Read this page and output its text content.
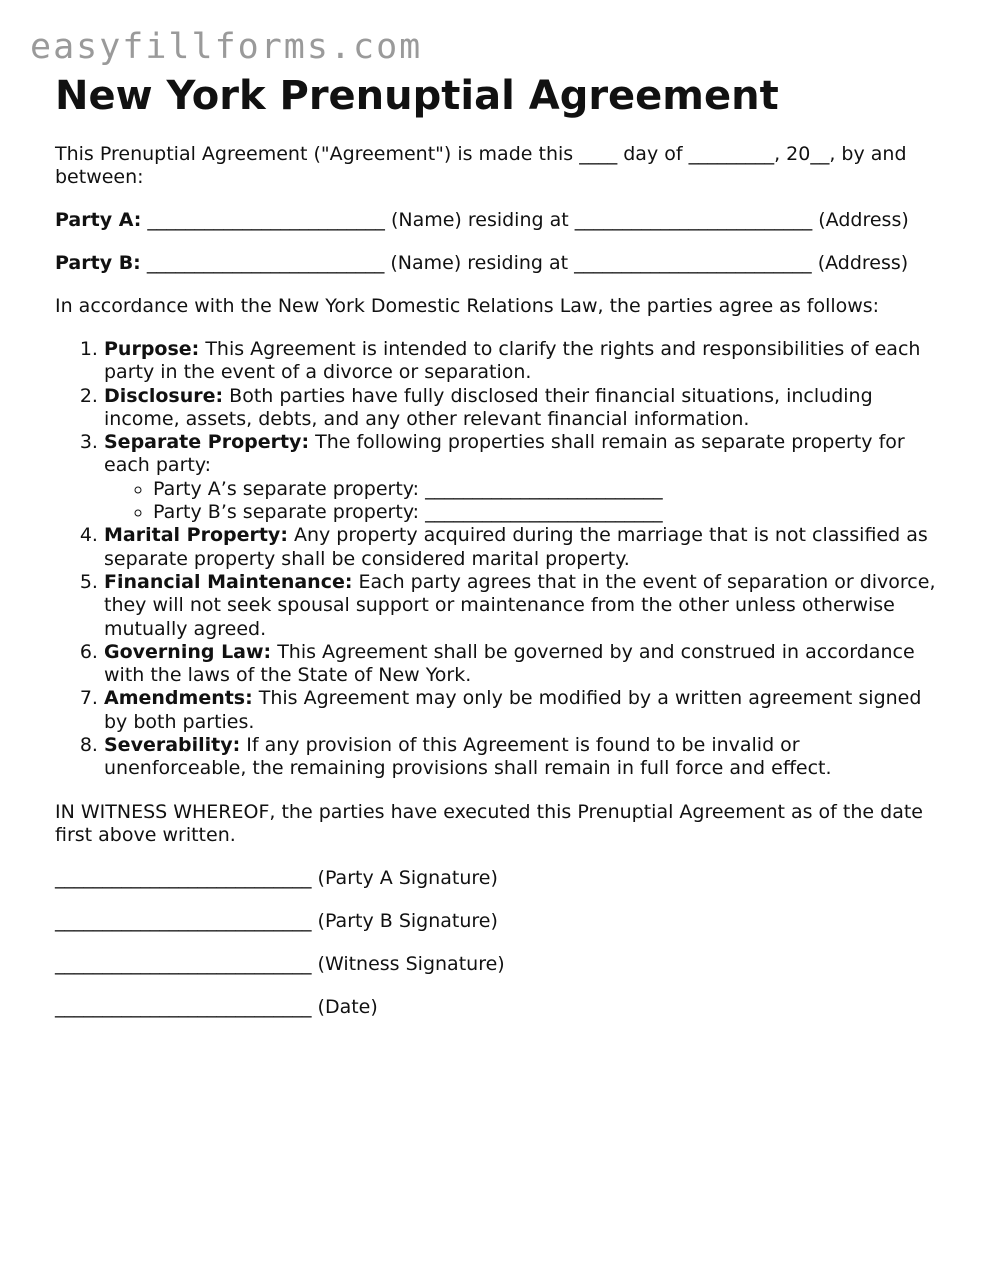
easyfillforms.com
New York Prenuptial Agreement

This Prenuptial Agreement ("Agreement") is made this ____ day of _________, 20__, by and between:

Party A: _________________________ (Name) residing at _________________________ (Address)

Party B: _________________________ (Name) residing at _________________________ (Address)

In accordance with the New York Domestic Relations Law, the parties agree as follows:

1. Purpose: This Agreement is intended to clarify the rights and responsibilities of each party in the event of a divorce or separation.
2. Disclosure: Both parties have fully disclosed their financial situations, including income, assets, debts, and any other relevant financial information.
3. Separate Property: The following properties shall remain as separate property for each party:
◦ Party A’s separate property: _________________________
◦ Party B’s separate property: _________________________
4. Marital Property: Any property acquired during the marriage that is not classified as separate property shall be considered marital property.
5. Financial Maintenance: Each party agrees that in the event of separation or divorce, they will not seek spousal support or maintenance from the other unless otherwise mutually agreed.
6. Governing Law: This Agreement shall be governed by and construed in accordance with the laws of the State of New York.
7. Amendments: This Agreement may only be modified by a written agreement signed by both parties.
8. Severability: If any provision of this Agreement is found to be invalid or unenforceable, the remaining provisions shall remain in full force and effect.

IN WITNESS WHEREOF, the parties have executed this Prenuptial Agreement as of the date first above written.

___________________________ (Party A Signature)

___________________________ (Party B Signature)

___________________________ (Witness Signature)

___________________________ (Date)
